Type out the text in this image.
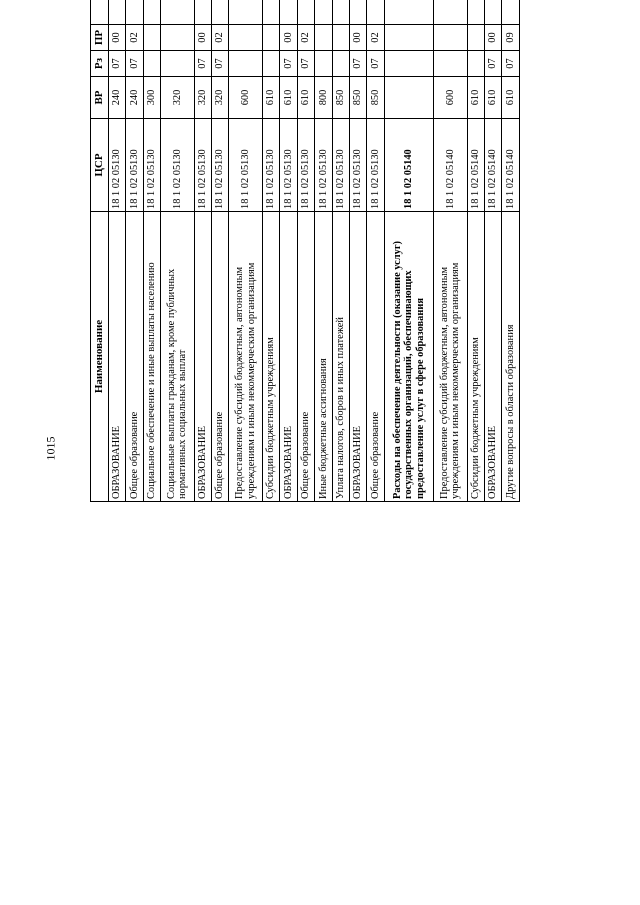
1015
Наименование	ЦСР	ВР	Рз	ПР			
ОБРАЗОВАНИЕ	18 1 02 05130	240	07	00			
Общее образование	18 1 02 05130	240	07	02			
Социальное обеспечение и иные выплаты населению	18 1 02 05130	300					
Социальные выплаты гражданам, кроме публичных нормативных социальных выплат	18 1 02 05130	320					
ОБРАЗОВАНИЕ	18 1 02 05130	320	07	00			
Общее образование	18 1 02 05130	320	07	02			
Предоставление субсидий бюджетным, автономным учреждениям и иным некоммерческим организациям	18 1 02 05130	600					
Субсидии бюджетным учреждениям	18 1 02 05130	610					
ОБРАЗОВАНИЕ	18 1 02 05130	610	07	00			
Общее образование	18 1 02 05130	610	07	02			
Иные бюджетные ассигнования	18 1 02 05130	800					
Уплата налогов, сборов и иных платежей	18 1 02 05130	850					
ОБРАЗОВАНИЕ	18 1 02 05130	850	07	00			
Общее образование	18 1 02 05130	850	07	02			
Расходы на обеспечение деятельности (оказание услуг) государственных организаций, обеспечивающих предоставление услуг в сфере образования	18 1 02 05140						
Предоставление субсидий бюджетным, автономным учреждениям и иным некоммерческим организациям	18 1 02 05140	600					
Субсидии бюджетным учреждениям	18 1 02 05140	610					
ОБРАЗОВАНИЕ	18 1 02 05140	610	07	00			
Другие вопросы в области образования	18 1 02 05140	610	07	09			
